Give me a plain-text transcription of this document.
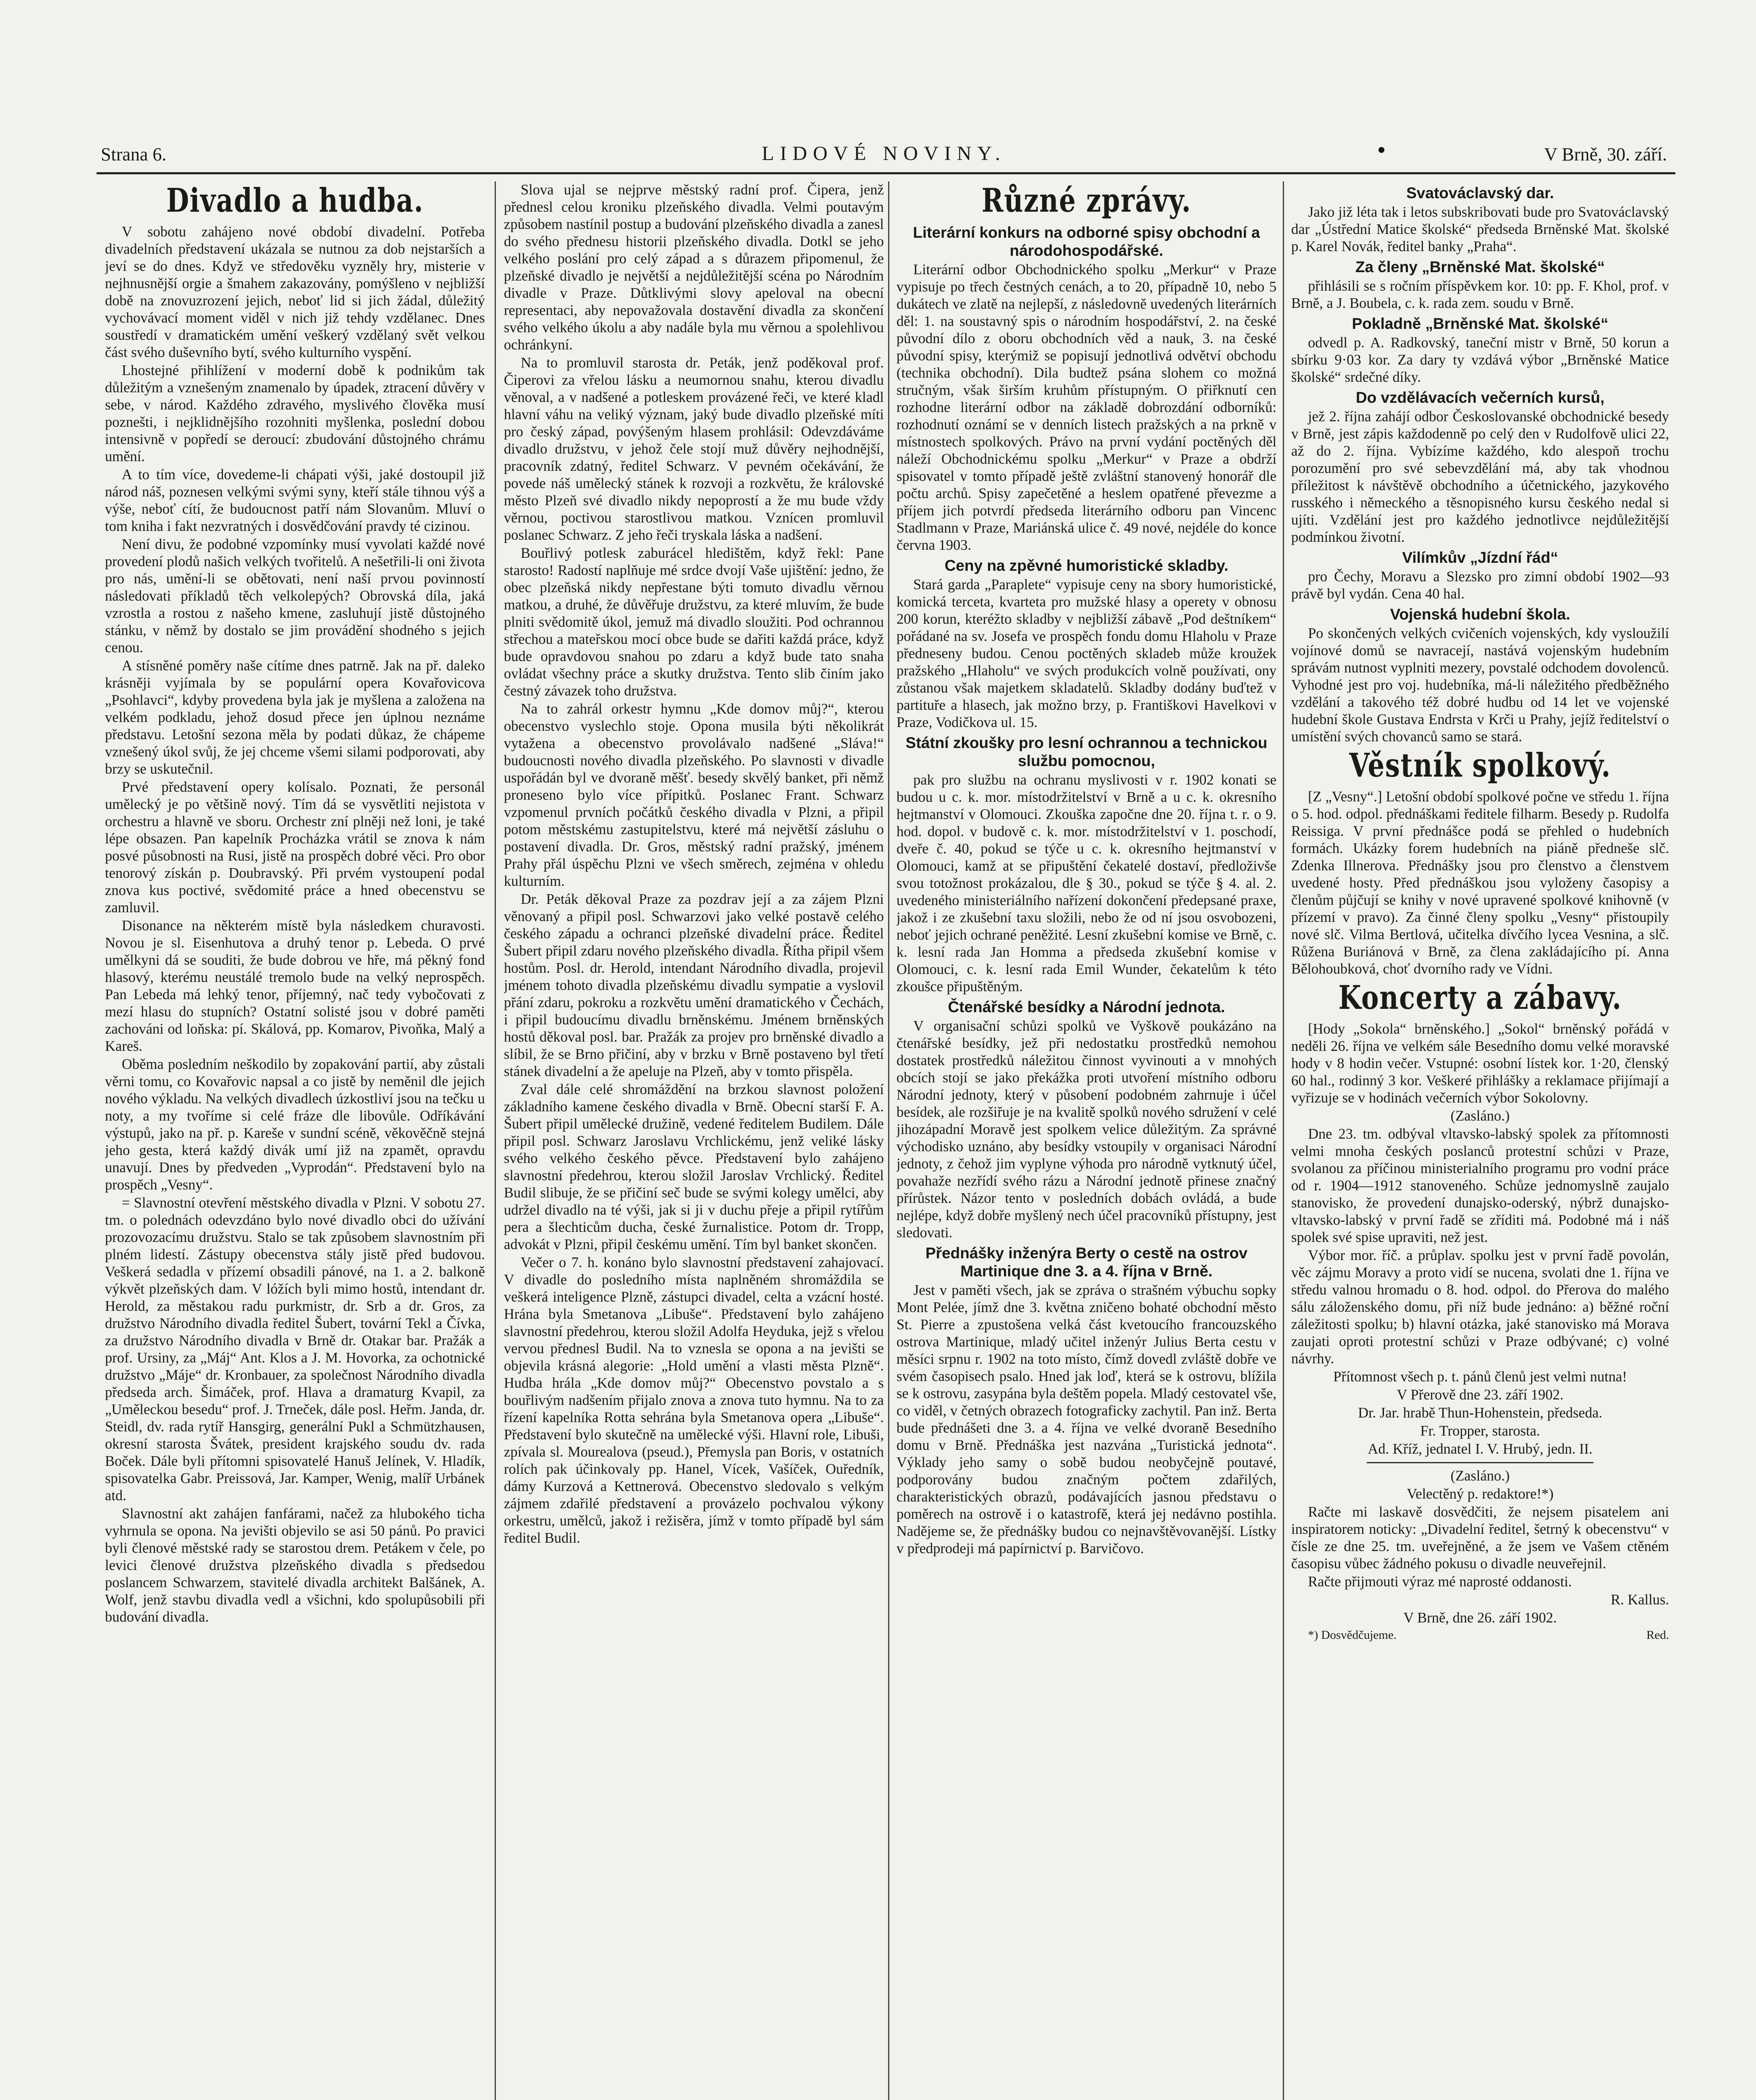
Strana 6.	LIDOVÉ NOVINY.	V Brně, 30. září.
Divadlo a hudba.

V sobotu zahájeno nové období divadelní. Potřeba divadelních představení ukázala se nutnou za dob nejstarších a jeví se do dnes. Když ve středověku vyzněly hry, misterie v nejhnusnější orgie a šmahem zakazovány, pomýšleno v nejbližší době na znovuzrození jejich, neboť lid si jich žádal, důležitý vychovávací moment viděl v nich již tehdy vzdělanec. Dnes soustředí v dramatickém umění veškerý vzdělaný svět velkou část svého duševního bytí, svého kulturního vyspění.

Lhostejné přihlížení v moderní době k podnikům tak důležitým a vznešeným znamenalo by úpadek, ztracení důvěry v sebe, v národ. Každého zdravého, myslivého člověka musí poznešti, i nejklidnějšího rozohniti myšlenka, poslední dobou intensivně v popředí se deroucí: zbudování důstojného chrámu umění.

A to tím více, dovedeme-li chápati výši, jaké dostoupil již národ náš, poznesen velkými svými syny, kteří stále tihnou výš a výše, neboť cítí, že budoucnost patří nám Slovanům. Mluví o tom kniha i fakt nezvratných i dosvědčování pravdy té cizinou.

Není divu, že podobné vzpomínky musí vyvolati každé nové provedení plodů našich velkých tvořitelů. A nešetřili-li oni života pro nás, umění-li se obětovati, není naší prvou povinností následovati příkladů těch velkolepých? Obrovská díla, jaká vzrostla a rostou z našeho kmene, zasluhují jistě důstojného stánku, v němž by dostalo se jim provádění shodného s jejich cenou.

A stísněné poměry naše cítíme dnes patrně. Jak na př. daleko krásněji vyjímala by se populární opera Kovařovicova „Psohlavci“, kdyby provedena byla jak je myšlena a založena na velkém podkladu, jehož dosud přece jen úplnou neznáme představu. Letošní sezona měla by podati důkaz, že chápeme vznešený úkol svůj, že jej chceme všemi silami podporovati, aby brzy se uskutečnil.

Prvé představení opery kolísalo. Poznati, že personál umělecký je po většině nový. Tím dá se vysvětliti nejistota v orchestru a hlavně ve sboru. Orchestr zní plněji než loni, je také lépe obsazen. Pan kapelník Procházka vrátil se znova k nám posvé působnosti na Rusi, jistě na prospěch dobré věci. Pro obor tenorový získán p. Doubravský. Při prvém vystoupení podal znova kus poctivé, svědomité práce a hned obecenstvu se zamluvil.

Disonance na některém místě byla následkem churavosti. Novou je sl. Eisenhutova a druhý tenor p. Lebeda. O prvé umělkyni dá se souditi, že bude dobrou ve hře, má pěkný fond hlasový, kterému neustálé tremolo bude na velký neprospěch. Pan Lebeda má lehký tenor, příjemný, nač tedy vybočovati z mezí hlasu do stupních? Ostatní solisté jsou v dobré paměti zachováni od loňska: pí. Skálová, pp. Komarov, Pivoňka, Malý a Kareš.

Oběma posledním neškodilo by zopakování partií, aby zůstali věrni tomu, co Kovařovic napsal a co jistě by neměnil dle jejich nového výkladu. Na velkých divadlech úzkostliví jsou na tečku u noty, a my tvoříme si celé fráze dle libovůle. Odříkávání výstupů, jako na př. p. Kareše v sundní scéně, věkověčně stejná jeho gesta, která každý divák umí již na zpamět, opravdu unavují. Dnes by předveden „Vyprodán“. Představení bylo na prospěch „Vesny“.

= Slavnostní otevření městského divadla v Plzni. V sobotu 27. tm. o polednách odevzdáno bylo nové divadlo obci do užívání prozovozacímu družstvu. Stalo se tak způsobem slavnostním při plném lidestí. Zástupy obecenstva stály jistě před budovou. Veškerá sedadla v přízemí obsadili pánové, na 1. a 2. balkoně výkvět plzeňských dam. V lóžích byli mimo hostů, intendant dr. Herold, za městakou radu purkmistr, dr. Srb a dr. Gros, za družstvo Národního divadla ředitel Šubert, tovární Tekl a Čívka, za družstvo Národního divadla v Brně dr. Otakar bar. Pražák a prof. Ursiny, za „Máj“ Ant. Klos a J. M. Hovorka, za ochotnické družstvo „Máje“ dr. Kronbauer, za společnost Národního divadla předseda arch. Šimáček, prof. Hlava a dramaturg Kvapil, za „Uměleckou besedu“ prof. J. Trneček, dále posl. Heřm. Janda, dr. Steidl, dv. rada rytíř Hansgirg, generální Pukl a Schmützhausen, okresní starosta Švátek, president krajského soudu dv. rada Boček. Dále byli přítomni spisovatelé Hanuš Jelínek, V. Hladík, spisovatelka Gabr. Preissová, Jar. Kamper, Wenig, malíř Urbánek atd.

Slavnostní akt zahájen fanfárami, načež za hlubokého ticha vyhrnula se opona. Na jevišti objevilo se asi 50 pánů. Po pravici byli členové městské rady se starostou drem. Petákem v čele, po levici členové družstva plzeňského divadla s předsedou poslancem Schwarzem, stavitelé divadla architekt Balšánek, A. Wolf, jenž stavbu divadla vedl a všichni, kdo spolupůsobili při budování divadla.

Slova ujal se nejprve městský radní prof. Čipera, jenž přednesl celou kroniku plzeňského divadla. Velmi poutavým způsobem nastínil postup a budování plzeňského divadla a zanesl do svého přednesu historii plzeňského divadla. Dotkl se jeho velkého poslání pro celý západ a s důrazem připomenul, že plzeňské divadlo je největší a nejdůležitější scéna po Národním divadle v Praze. Důtklivými slovy apeloval na obecní representaci, aby nepovažovala dostavění divadla za skončení svého velkého úkolu a aby nadále byla mu věrnou a spolehlivou ochránkyní.

Na to promluvil starosta dr. Peták, jenž poděkoval prof. Čiperovi za vřelou lásku a neumornou snahu, kterou divadlu věnoval, a v nadšené a potleskem provázené řeči, ve které kladl hlavní váhu na veliký význam, jaký bude divadlo plzeňské míti pro český západ, povýšeným hlasem prohlásil: Odevzdáváme divadlo družstvu, v jehož čele stojí muž důvěry nejhodnější, pracovník zdatný, ředitel Schwarz. V pevném očekávání, že povede náš umělecký stánek k rozvoji a rozkvětu, že královské město Plzeň své divadlo nikdy nepoprostí a že mu bude vždy věrnou, poctivou starostlivou matkou. Vznícen promluvil poslanec Schwarz. Z jeho řeči tryskala láska a nadšení.

Bouřlivý potlesk zaburácel hledištěm, když řekl: Pane starosto! Radostí naplňuje mé srdce dvojí Vaše ujištění: jedno, že obec plzeňská nikdy nepřestane býti tomuto divadlu věrnou matkou, a druhé, že důvěřuje družstvu, za které mluvím, že bude plniti svědomitě úkol, jemuž má divadlo sloužiti. Pod ochrannou střechou a mateřskou mocí obce bude se dařiti každá práce, když bude opravdovou snahou po zdaru a když bude tato snaha ovládat všechny práce a skutky družstva. Tento slib činím jako čestný závazek toho družstva.

Na to zahrál orkestr hymnu „Kde domov můj?“, kterou obecenstvo vyslechlo stoje. Opona musila býti několikrát vytažena a obecenstvo provolávalo nadšené „Sláva!“ budoucnosti nového divadla plzeňského. Po slavnosti v divadle uspořádán byl ve dvoraně měšť. besedy skvělý banket, při němž proneseno bylo více přípitků. Poslanec Frant. Schwarz vzpomenul prvních počátků českého divadla v Plzni, a připil potom městskému zastupitelstvu, které má největší zásluhu o postavení divadla. Dr. Gros, městský radní pražský, jménem Prahy přál úspěchu Plzni ve všech směrech, zejména v ohledu kulturním.

Dr. Peták děkoval Praze za pozdrav její a za zájem Plzni věnovaný a připil posl. Schwarzovi jako velké postavě celého českého západu a ochranci plzeňské divadelní práce. Ředitel Šubert připil zdaru nového plzeňského divadla. Řítha připil všem hostům. Posl. dr. Herold, intendant Národního divadla, projevil jménem tohoto divadla plzeňskému divadlu sympatie a vyslovil přání zdaru, pokroku a rozkvětu umění dramatického v Čechách, i připil budoucímu divadlu brněnskému. Jménem brněnských hostů děkoval posl. bar. Pražák za projev pro brněnské divadlo a slíbil, že se Brno přičiní, aby v brzku v Brně postaveno byl třetí stánek divadelní a že apeluje na Plzeň, aby v tomto přispěla.

Zval dále celé shromáždění na brzkou slavnost položení základního kamene českého divadla v Brně. Obecní starší F. A. Šubert připil umělecké družině, vedené ředitelem Budilem. Dále připil posl. Schwarz Jaroslavu Vrchlickému, jenž veliké lásky svého velkého českého pěvce. Představení bylo zahájeno slavnostní předehrou, kterou složil Jaroslav Vrchlický. Ředitel Budil slibuje, že se přičiní seč bude se svými kolegy umělci, aby udržel divadlo na té výši, jak si ji v duchu přeje a připil rytířům pera a šlechticům ducha, české žurnalistice. Potom dr. Tropp, advokát v Plzni, připil českému umění. Tím byl banket skončen.

Večer o 7. h. konáno bylo slavnostní představení zahajovací. V divadle do posledního místa naplněném shromáždila se veškerá inteligence Plzně, zástupci divadel, celta a vzácní hosté. Hrána byla Smetanova „Libuše“. Představení bylo zahájeno slavnostní předehrou, kterou složil Adolfa Heyduka, jejž s vřelou vervou přednesl Budil. Na to vznesla se opona a na jevišti se objevila krásná alegorie: „Hold umění a vlasti města Plzně“. Hudba hrála „Kde domov můj?“ Obecenstvo povstalo a s bouřlivým nadšením přijalo znova a znova tuto hymnu. Na to za řízení kapelníka Rotta sehrána byla Smetanova opera „Libuše“. Představení bylo skutečně na umělecké výši. Hlavní role, Libuši, zpívala sl. Mourealova (pseud.), Přemysla pan Boris, v ostatních rolích pak účinkovaly pp. Hanel, Vícek, Vašíček, Ouředník, dámy Kurzová a Kettnerová. Obecenstvo sledovalo s velkým zájmem zdařilé představení a provázelo pochvalou výkony orkestru, umělců, jakož i režisěra, jímž v tomto případě byl sám ředitel Budil.

Různé zprávy.
Literární konkurs na odborné spisy obchodní a národohospodářské.

Literární odbor Obchodnického spolku „Merkur“ v Praze vypisuje po třech čestných cenách, a to 20, případně 10, nebo 5 dukátech ve zlatě na nejlepší, z následovně uvedených literárních děl: 1. na soustavný spis o národním hospodářství, 2. na české původní dílo z oboru obchodních věd a nauk, 3. na české původní spisy, kterýmiž se popisují jednotlivá odvětví obchodu (technika obchodní). Dila budtež psána slohem co možná stručným, však širším kruhům přístupným. O přiřknutí cen rozhodne literární odbor na základě dobrozdání odborníků: rozhodnutí oznámí se v denních listech pražských a na prkně v místnostech spolkových. Právo na první vydání poctěných děl náleží Obchodnickému spolku „Merkur“ v Praze a obdrží spisovatel v tomto případě ještě zvláštní stanovený honorář dle počtu archů. Spisy zapečetěné a heslem opatřené převezme a příjem jich potvrdí předseda literárního odboru pan Vincenc Stadlmann v Praze, Mariánská ulice č. 49 nové, nejdéle do konce června 1903.

Ceny na zpěvné humoristické skladby.

Stará garda „Paraplete“ vypisuje ceny na sbory humoristické, komická terceta, kvarteta pro mužské hlasy a operety v obnosu 200 korun, kteréžto skladby v nejbližší zábavě „Pod deštníkem“ pořádané na sv. Josefa ve prospěch fondu domu Hlaholu v Praze předneseny budou. Cenou poctěných skladeb může kroužek pražského „Hlaholu“ ve svých produkcích volně používati, ony zůstanou však majetkem skladatelů. Skladby dodány buďtež v partituře a hlasech, jak možno brzy, p. Františkovi Havelkovi v Praze, Vodičkova ul. 15.

Státní zkoušky pro lesní ochrannou a technickou službu pomocnou,

pak pro službu na ochranu myslivosti v r. 1902 konati se budou u c. k. mor. místodržitelství v Brně a u c. k. okresního hejtmanství v Olomouci. Zkouška započne dne 20. října t. r. o 9. hod. dopol. v budově c. k. mor. místodržitelství v 1. poschodí, dveře č. 40, pokud se týče u c. k. okresního hejtmanství v Olomouci, kamž at se připuštění čekatelé dostaví, předloživše svou totožnost prokázalou, dle § 30., pokud se týče § 4. al. 2. uvedeného ministeriálního nařízení dokončení předepsané praxe, jakož i ze zkušební taxu složili, nebo že od ní jsou osvobozeni, neboť jejich ochrané peněžité. Lesní zkušební komise ve Brně, c. k. lesní rada Jan Homma a předseda zkušební komise v Olomouci, c. k. lesní rada Emil Wunder, čekatelům k této zkoušce připuštěným.

Čtenářské besídky a Národní jednota.

V organisační schůzi spolků ve Vyškově poukázáno na čtenářské besídky, jež při nedostatku prostředků nemohou dostatek prostředků náležitou činnost vyvinouti a v mnohých obcích stojí se jako překážka proti utvoření místního odboru Národní jednoty, který v působení podobném zahrnuje i účel besídek, ale rozšiřuje je na kvalitě spolků nového sdružení v celé jihozápadní Moravě jest spolkem velice důležitým. Za správné východisko uznáno, aby besídky vstoupily v organisaci Národní jednoty, z čehož jim vyplyne výhoda pro národně vytknutý účel, povahaže nezřídí svého rázu a Národní jednotě přinese značný přírůstek. Názor tento v posledních dobách ovládá, a bude nejlépe, když dobře myšlený nech účel pracovníků přístupny, jest sledovati.

Přednášky inženýra Berty o cestě na ostrov Martinique dne 3. a 4. října v Brně.

Jest v paměti všech, jak se zpráva o strašném výbuchu sopky Mont Pelée, jímž dne 3. května zničeno bohaté obchodní město St. Pierre a zpustošena velká část kvetoucího francouzského ostrova Martinique, mladý učitel inženýr Julius Berta cestu v měsíci srpnu r. 1902 na toto místo, čímž dovedl zvláště dobře ve svém časopisech psalo. Hned jak loď, která se k ostrovu, blížila se k ostrovu, zasypána byla deštěm popela. Mladý cestovatel vše, co viděl, v četných obrazech fotograficky zachytil. Pan inž. Berta bude přednášeti dne 3. a 4. října ve velké dvoraně Besedního domu v Brně. Přednáška jest nazvána „Turistická jednota“. Výklady jeho samy o sobě budou neobyčejně poutavé, podporovány budou značným počtem zdařilých, charakteristických obrazů, podávajících jasnou představu o poměrech na ostrově i o katastrofě, která jej nedávno postihla. Nadějeme se, že přednášky budou co nejnavštěvovanější. Lístky v předprodeji má papírnictví p. Barvičovo.

Svatováclavský dar.

Jako již léta tak i letos subskribovati bude pro Svatováclavský dar „Ústřední Matice školské“ předseda Brněnské Mat. školské p. Karel Novák, ředitel banky „Praha“.

Za členy „Brněnské Mat. školské“

přihlásili se s ročním příspěvkem kor. 10: pp. F. Khol, prof. v Brně, a J. Boubela, c. k. rada zem. soudu v Brně.

Pokladně „Brněnské Mat. školské“

odvedl p. A. Radkovský, taneční mistr v Brně, 50 korun a sbírku 9·03 kor. Za dary ty vzdává výbor „Brněnské Matice školské“ srdečné díky.

Do vzdělávacích večerních kursů,

jež 2. října zahájí odbor Českoslovanské obchodnické besedy v Brně, jest zápis každodenně po celý den v Rudolfově ulici 22, až do 2. října. Vybízíme každého, kdo alespoň trochu porozumění pro své sebevzdělání má, aby tak vhodnou příležitost k návštěvě obchodního a účetnického, jazykového rusského i německého a těsnopisného kursu českého nedal si ujíti. Vzdělání jest pro každého jednotlivce nejdůležitější podmínkou životní.

Vilímkův „Jízdní řád“

pro Čechy, Moravu a Slezsko pro zimní období 1902—93 právě byl vydán. Cena 40 hal.

Vojenská hudební škola.

Po skončených velkých cvičeních vojenských, kdy vysloužilí vojínové domů se navracejí, nastává vojenským hudebním správám nutnost vyplniti mezery, povstalé odchodem dovolenců. Vyhodné jest pro voj. hudebníka, má-li náležitého předběžného vzdělání a takového též dobré hudbu od 14 let ve vojenské hudební škole Gustava Endrsta v Krči u Prahy, jejíž ředitelství o umístění svých chovanců samo se stará.

Věstník spolkový.

[Z „Vesny“.] Letošní období spolkové počne ve středu 1. října o 5. hod. odpol. přednáškami ředitele filharm. Besedy p. Rudolfa Reissiga. V první přednášce podá se přehled o hudebních formách. Ukázky forem hudebních na piáně předneše slč. Zdenka Illnerova. Přednášky jsou pro členstvo a členstvem uvedené hosty. Před přednáškou jsou vyloženy časopisy a členům půjčují se knihy v nové upravené spolkové knihovně (v přízemí v pravo). Za činné členy spolku „Vesny“ přistoupily nové slč. Vilma Bertlová, učitelka dívčího lycea Vesnina, a slč. Růžena Buriánová v Brně, za člena zakládajícího pí. Anna Bělohoubková, choť dvorního rady ve Vídni.

Koncerty a zábavy.

[Hody „Sokola“ brněnského.] „Sokol“ brněnský pořádá v neděli 26. října ve velkém sále Besedního domu velké moravské hody v 8 hodin večer. Vstupné: osobní lístek kor. 1·20, členský 60 hal., rodinný 3 kor. Veškeré přihlášky a reklamace přijímají a vyřizuje se v hodinách večerních výbor Sokolovny.

(Zasláno.)

Dne 23. tm. odbýval vltavsko-labský spolek za přítomnosti velmi mnoha českých poslanců protestní schůzi v Praze, svolanou za příčinou ministerialního programu pro vodní práce od r. 1904—1912 stanoveného. Schůze jednomyslně zaujalo stanovisko, že provedení dunajsko-oderský, nýbrž dunajsko-vltavsko-labský v první řadě se zříditi má. Podobné má i náš spolek své spise upraviti, než jest.

Výbor mor. říč. a průplav. spolku jest v první řadě povolán, věc zájmu Moravy a proto vidí se nucena, svolati dne 1. října ve středu valnou hromadu o 8. hod. odpol. do Přerova do malého sálu záloženského domu, při níž bude jednáno: a) běžné roční záležitosti spolku; b) hlavní otázka, jaké stanovisko má Morava zaujati oproti protestní schůzi v Praze odbývané; c) volné návrhy.

Přítomnost všech p. t. pánů členů jest velmi nutna!

V Přerově dne 23. září 1902.

Dr. Jar. hrabě Thun-Hohenstein, předseda.

Fr. Tropper, starosta.

Ad. Kříž, jednatel I. V. Hrubý, jedn. II.

(Zasláno.)

Velectěný p. redaktore!*)

Račte mi laskavě dosvědčiti, že nejsem pisatelem ani inspiratorem noticky: „Divadelní ředitel, šetrný k obecenstvu“ v čísle ze dne 25. tm. uveřejněné, a že jsem ve Vašem ctěném časopisu vůbec žádného pokusu o divadle neuveřejnil.

Račte přijmouti výraz mé naprosté oddanosti.

R. Kallus.

V Brně, dne 26. září 1902.

*) Dosvědčujeme.	Red.
